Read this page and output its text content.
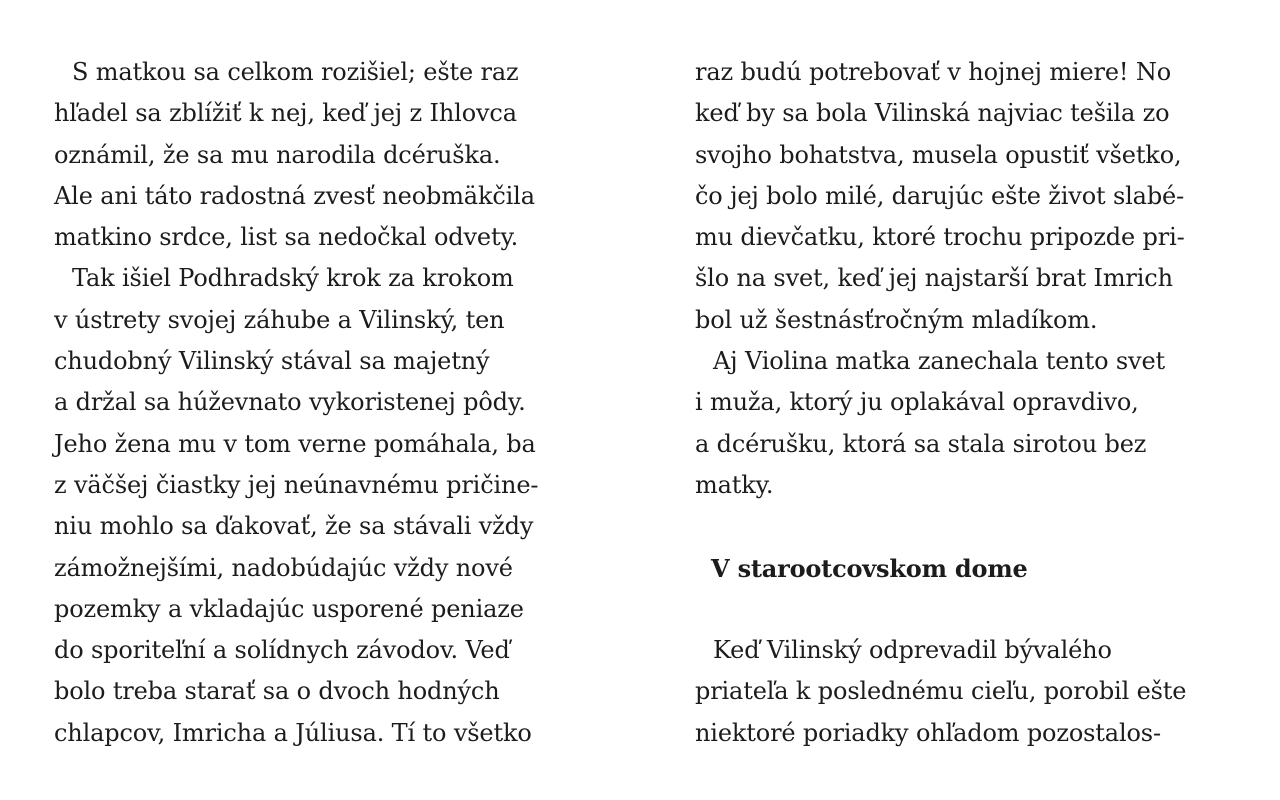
S matkou sa celkom rozišiel; ešte raz
hľadel sa zblížiť k nej, keď jej z Ihlovca
oznámil, že sa mu narodila dcéruška.
Ale ani táto radostná zvesť neobmäkčila
matkino srdce, list sa nedočkal odvety.
Tak išiel Podhradský krok za krokom
v ústrety svojej záhube a Vilinský, ten
chudobný Vilinský stával sa majetný
a držal sa húževnato vykoristenej pôdy.
Jeho žena mu v tom verne pomáhala, ba
z väčšej čiastky jej neúnavnému pričine-
niu mohlo sa ďakovať, že sa stávali vždy
zámožnejšími, nadobúdajúc vždy nové
pozemky a vkladajúc usporené peniaze
do sporiteľní a solídnych závodov. Veď
bolo treba starať sa o dvoch hodných
chlapcov, Imricha a Júliusa. Tí to všetko
raz budú potrebovať v hojnej miere! No
keď by sa bola Vilinská najviac tešila zo
svojho bohatstva, musela opustiť všetko,
čo jej bolo milé, darujúc ešte život slabé-
mu dievčatku, ktoré trochu pripozde pri-
šlo na svet, keď jej najstarší brat Imrich
bol už šestnásťročným mladíkom.
Aj Violina matka zanechala tento svet
i muža, ktorý ju oplakával opravdivo,
a dcérušku, ktorá sa stala sirotou bez
matky.
V starootcovskom dome
Keď Vilinský odprevadil bývalého
priateľa k poslednému cieľu, porobil ešte
niektoré poriadky ohľadom pozostalos-
